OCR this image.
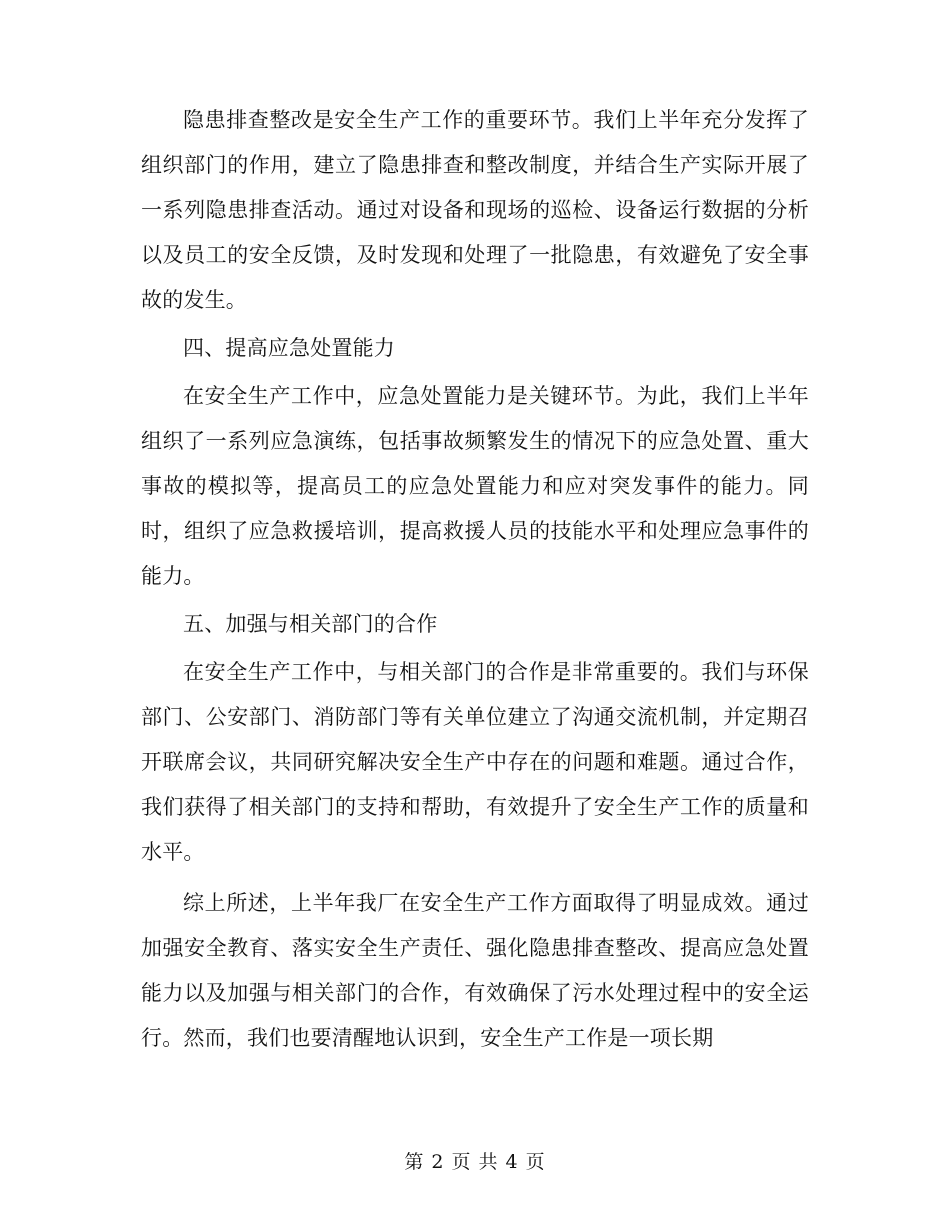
隐患排查整改是安全生产工作的重要环节。我们上半年充分发挥了组织部门的作用，建立了隐患排查和整改制度，并结合生产实际开展了一系列隐患排查活动。通过对设备和现场的巡检、设备运行数据的分析以及员工的安全反馈，及时发现和处理了一批隐患，有效避免了安全事故的发生。

四、提高应急处置能力

在安全生产工作中，应急处置能力是关键环节。为此，我们上半年组织了一系列应急演练，包括事故频繁发生的情况下的应急处置、重大事故的模拟等，提高员工的应急处置能力和应对突发事件的能力。同时，组织了应急救援培训，提高救援人员的技能水平和处理应急事件的能力。

五、加强与相关部门的合作

在安全生产工作中，与相关部门的合作是非常重要的。我们与环保部门、公安部门、消防部门等有关单位建立了沟通交流机制，并定期召开联席会议，共同研究解决安全生产中存在的问题和难题。通过合作，我们获得了相关部门的支持和帮助，有效提升了安全生产工作的质量和水平。

综上所述，上半年我厂在安全生产工作方面取得了明显成效。通过加强安全教育、落实安全生产责任、强化隐患排查整改、提高应急处置能力以及加强与相关部门的合作，有效确保了污水处理过程中的安全运行。然而，我们也要清醒地认识到，安全生产工作是一项长期

第 2 页 共 4 页
